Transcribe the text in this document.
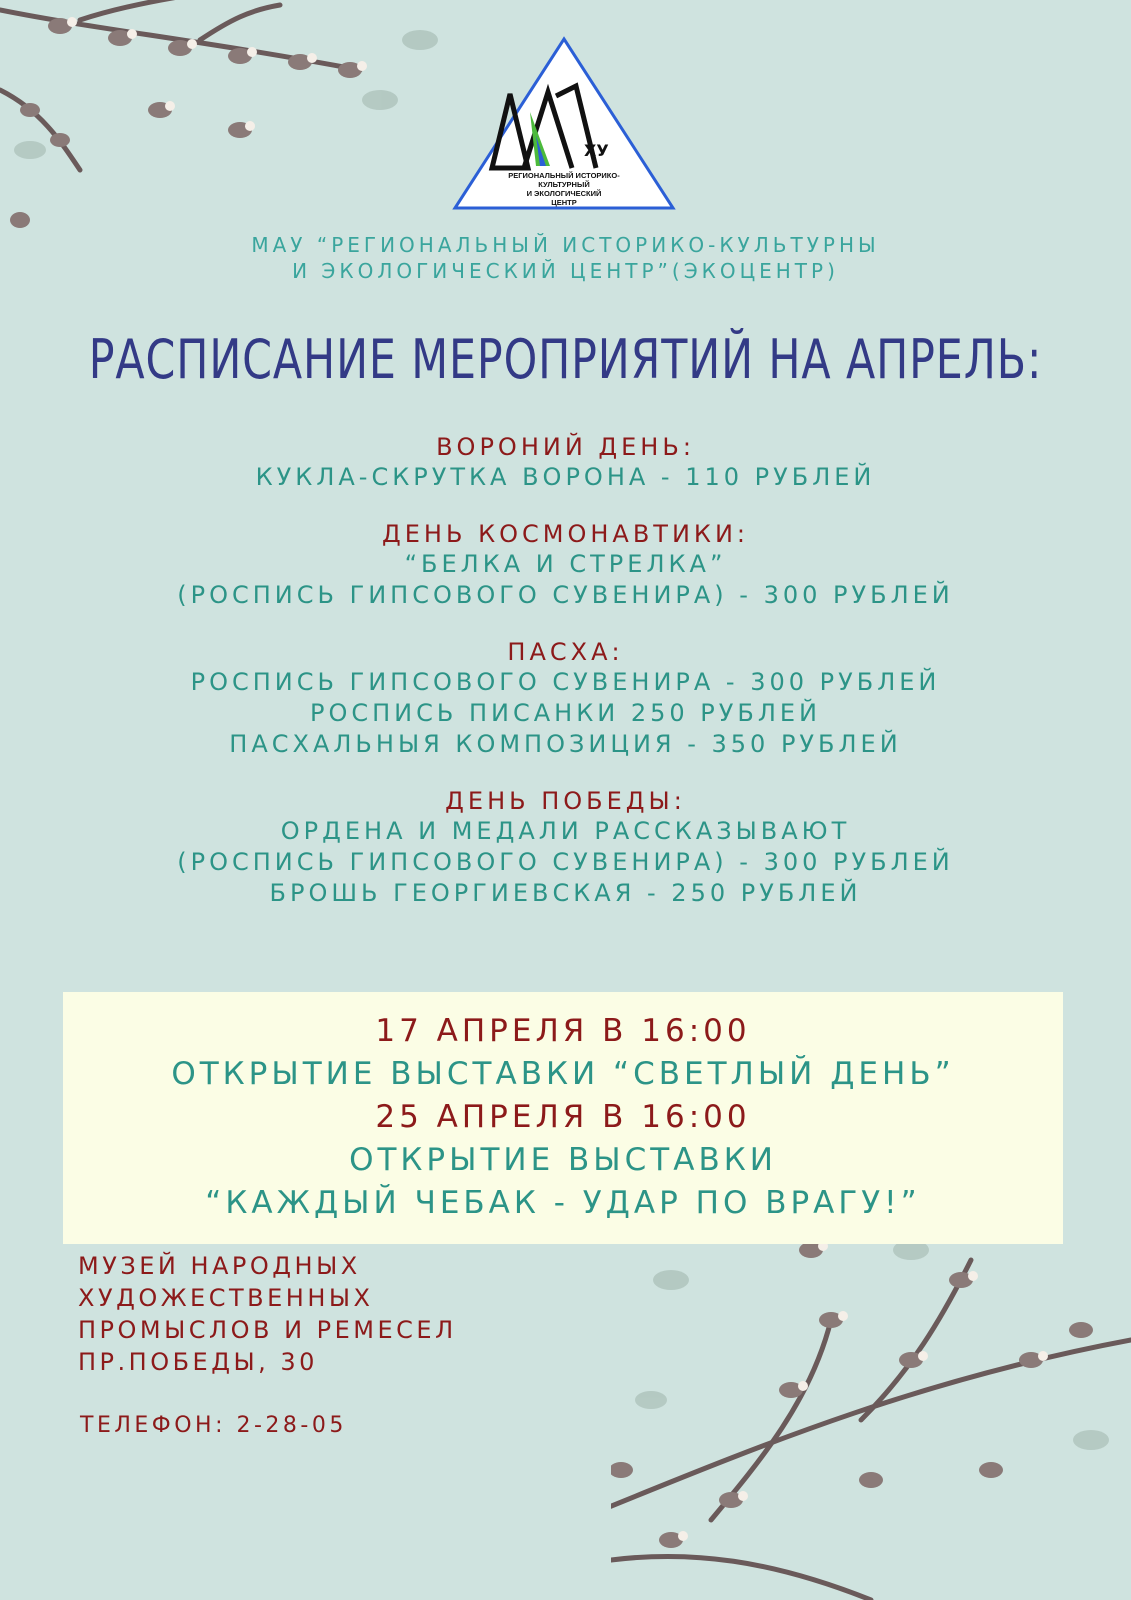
ХУ
РЕГИОНАЛЬНЫЙ ИСТОРИКО-КУЛЬТУРНЫЙ
И ЭКОЛОГИЧЕСКИЙ
ЦЕНТР
МАУ “РЕГИОНАЛЬНЫЙ ИСТОРИКО-КУЛЬТУРНЫ
И ЭКОЛОГИЧЕСКИЙ ЦЕНТР”(ЭКОЦЕНТР)
РАСПИСАНИЕ МЕРОПРИЯТИЙ НА АПРЕЛЬ:
ВОРОНИЙ ДЕНЬ:
КУКЛА-СКРУТКА ВОРОНА - 110 РУБЛЕЙ
ДЕНЬ КОСМОНАВТИКИ:
“БЕЛКА И СТРЕЛКА”
(РОСПИСЬ ГИПСОВОГО СУВЕНИРА) - 300 РУБЛЕЙ
ПАСХА:
РОСПИСЬ ГИПСОВОГО СУВЕНИРА - 300 РУБЛЕЙ
РОСПИСЬ ПИСАНКИ 250 РУБЛЕЙ
ПАСХАЛЬНЫЯ КОМПОЗИЦИЯ - 350 РУБЛЕЙ
ДЕНЬ ПОБЕДЫ:
ОРДЕНА И МЕДАЛИ РАССКАЗЫВАЮТ
(РОСПИСЬ ГИПСОВОГО СУВЕНИРА) - 300 РУБЛЕЙ
БРОШЬ ГЕОРГИЕВСКАЯ - 250 РУБЛЕЙ
17 АПРЕЛЯ В 16:00
ОТКРЫТИЕ ВЫСТАВКИ “СВЕТЛЫЙ ДЕНЬ”
25 АПРЕЛЯ В 16:00
ОТКРЫТИЕ ВЫСТАВКИ
“КАЖДЫЙ ЧЕБАК - УДАР ПО ВРАГУ!”
МУЗЕЙ НАРОДНЫХ
ХУДОЖЕСТВЕННЫХ
ПРОМЫСЛОВ И РЕМЕСЕЛ
ПР.ПОБЕДЫ, 30
ТЕЛЕФОН: 2-28-05
